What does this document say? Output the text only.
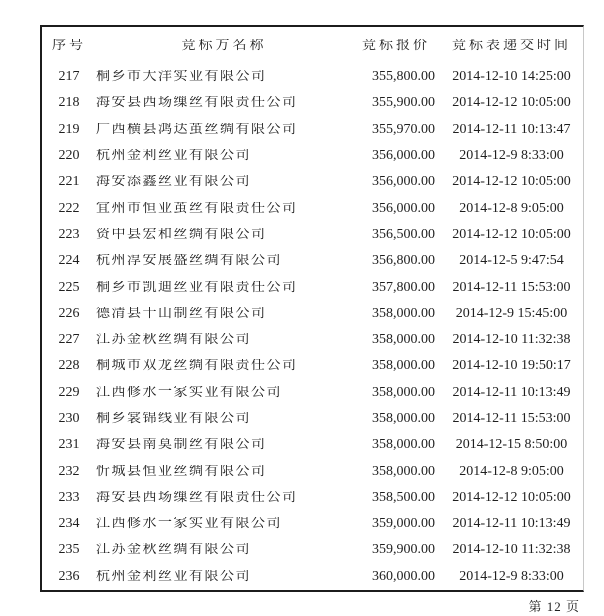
序号	竞标方名称	竞标报价	竞标表递交时间
217	桐乡市大洋实业有限公司	355,800.00	2014-12-10 14:25:00
218	海安县西场缫丝有限责任公司	355,900.00	2014-12-12 10:05:00
219	广西横县鸿达茧丝绸有限公司	355,970.00	2014-12-11 10:13:47
220	杭州金利丝业有限公司	356,000.00	2014-12-9 8:33:00
221	海安添鑫丝业有限公司	356,000.00	2014-12-12 10:05:00
222	宜州市恒业茧丝有限责任公司	356,000.00	2014-12-8 9:05:00
223	资中县宏和丝绸有限公司	356,500.00	2014-12-12 10:05:00
224	杭州淳安展盛丝绸有限公司	356,800.00	2014-12-5 9:47:54
225	桐乡市凯迪丝业有限责任公司	357,800.00	2014-12-11 15:53:00
226	德清县干山制丝有限公司	358,000.00	2014-12-9 15:45:00
227	江苏金秋丝绸有限公司	358,000.00	2014-12-10 11:32:38
228	桐城市双龙丝绸有限责任公司	358,000.00	2014-12-10 19:50:17
229	江西修水一家实业有限公司	358,000.00	2014-12-11 10:13:49
230	桐乡裳锦线业有限公司	358,000.00	2014-12-11 15:53:00
231	海安县南莫制丝有限公司	358,000.00	2014-12-15 8:50:00
232	忻城县恒业丝绸有限公司	358,000.00	2014-12-8 9:05:00
233	海安县西场缫丝有限责任公司	358,500.00	2014-12-12 10:05:00
234	江西修水一家实业有限公司	359,000.00	2014-12-11 10:13:49
235	江苏金秋丝绸有限公司	359,900.00	2014-12-10 11:32:38
236	杭州金利丝业有限公司	360,000.00	2014-12-9 8:33:00
第 12 页
